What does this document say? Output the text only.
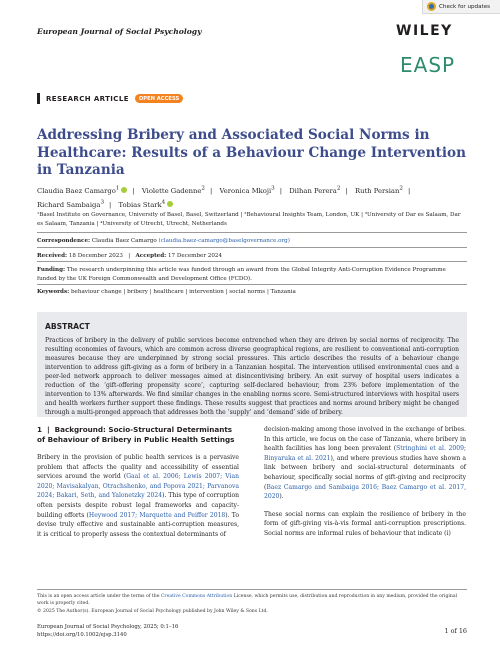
Check for updates
European Journal of Social Psychology	WILEY
EASP
RESEARCH ARTICLE	OPEN ACCESS
Addressing Bribery and Associated Social Norms in Healthcare: Results of a Behaviour Change Intervention in Tanzania
Claudia Baez Camargo$^1$ | Violette Gadenne$^2$ | Veronica Mkoji$^3$ | Dilhan Perera$^2$ | Ruth Persian$^2$ |
Richard Sambaiga$^3$ | Tobias Stark$^4$
¹Basel Institute on Governance, University of Basel, Basel, Switzerland | ²Behavioural Insights Team, London, UK | ³University of Dar es Salaam, Dar es Salaam, Tanzania | ⁴University of Utrecht, Utrecht, Netherlands
Correspondence: Claudia Baez Camargo (claudia.baez-camargo@baselgovernance.org)
Received: 18 December 2023   |   Accepted: 17 December 2024
Funding: The research underpinning this article was funded through an award from the Global Integrity Anti-Corruption Evidence Programme funded by the UK Foreign Commonwealth and Development Office (FCDO).
Keywords: behaviour change | bribery | healthcare | intervention | social norms | Tanzania
ABSTRACT
Practices of bribery in the delivery of public services become entrenched when they are driven by social norms of reciprocity. The resulting economies of favours, which are common across diverse geographical regions, are resilient to conventional anti-corruption measures because they are underpinned by strong social pressures. This article describes the results of a behaviour change intervention to address gift-giving as a form of bribery in a Tanzanian hospital. The intervention utilised environmental cues and a peer-led network approach to deliver messages aimed at disincentivising bribery. An exit survey of hospital users indicates a reduction of the ‘gift-offering propensity score’, capturing self-declared behaviour, from 23% before implementation of the intervention to 13% afterwards. We find similar changes in the enabling norms score. Semi-structured interviews with hospital users and health workers further support these findings. These results suggest that practices and norms around bribery might be changed through a multi-pronged approach that addresses both the ‘supply’ and ‘demand’ side of bribery.
1  |  Background: Socio-Structural Determinants of Behaviour of Bribery in Public Health Settings

Bribery in the provision of public health services is a pervasive problem that affects the quality and accessibility of essential services around the world (Gaal et al. 2006; Lewis 2007; Vian 2020; Mavisakalyan, Otrachshenko, and Popova 2021; Parvanova 2024; Bakari, Seth, and Yalonetzky 2024). This type of corruption often persists despite robust legal frameworks and capacity-building efforts (Heywood 2017; Marquette and Peiffer 2018). To devise truly effective and sustainable anti-corruption measures, it is critical to properly assess the contextual determinants of

decision-making among those involved in the exchange of bribes. In this article, we focus on the case of Tanzania, where bribery in health facilities has long been prevalent (Stringhini et al. 2009; Binyaruka et al. 2021), and where previous studies have shown a link between bribery and social-structural determinants of behaviour, specifically social norms of gift-giving and reciprocity (Baez Camargo and Sambaiga 2016; Baez Camargo et al. 2017, 2020).

These social norms can explain the resilience of bribery in the form of gift-giving vis-à-vis formal anti-corruption prescriptions. Social norms are informal rules of behaviour that indicate (i)

This is an open access article under the terms of the Creative Commons Attribution License, which permits use, distribution and reproduction in any medium, provided the original work is properly cited.
© 2025 The Author(s). European Journal of Social Psychology published by John Wiley & Sons Ltd.
European Journal of Social Psychology, 2025; 0:1–16
https://doi.org/10.1002/ejsp.3140	1 of 16
